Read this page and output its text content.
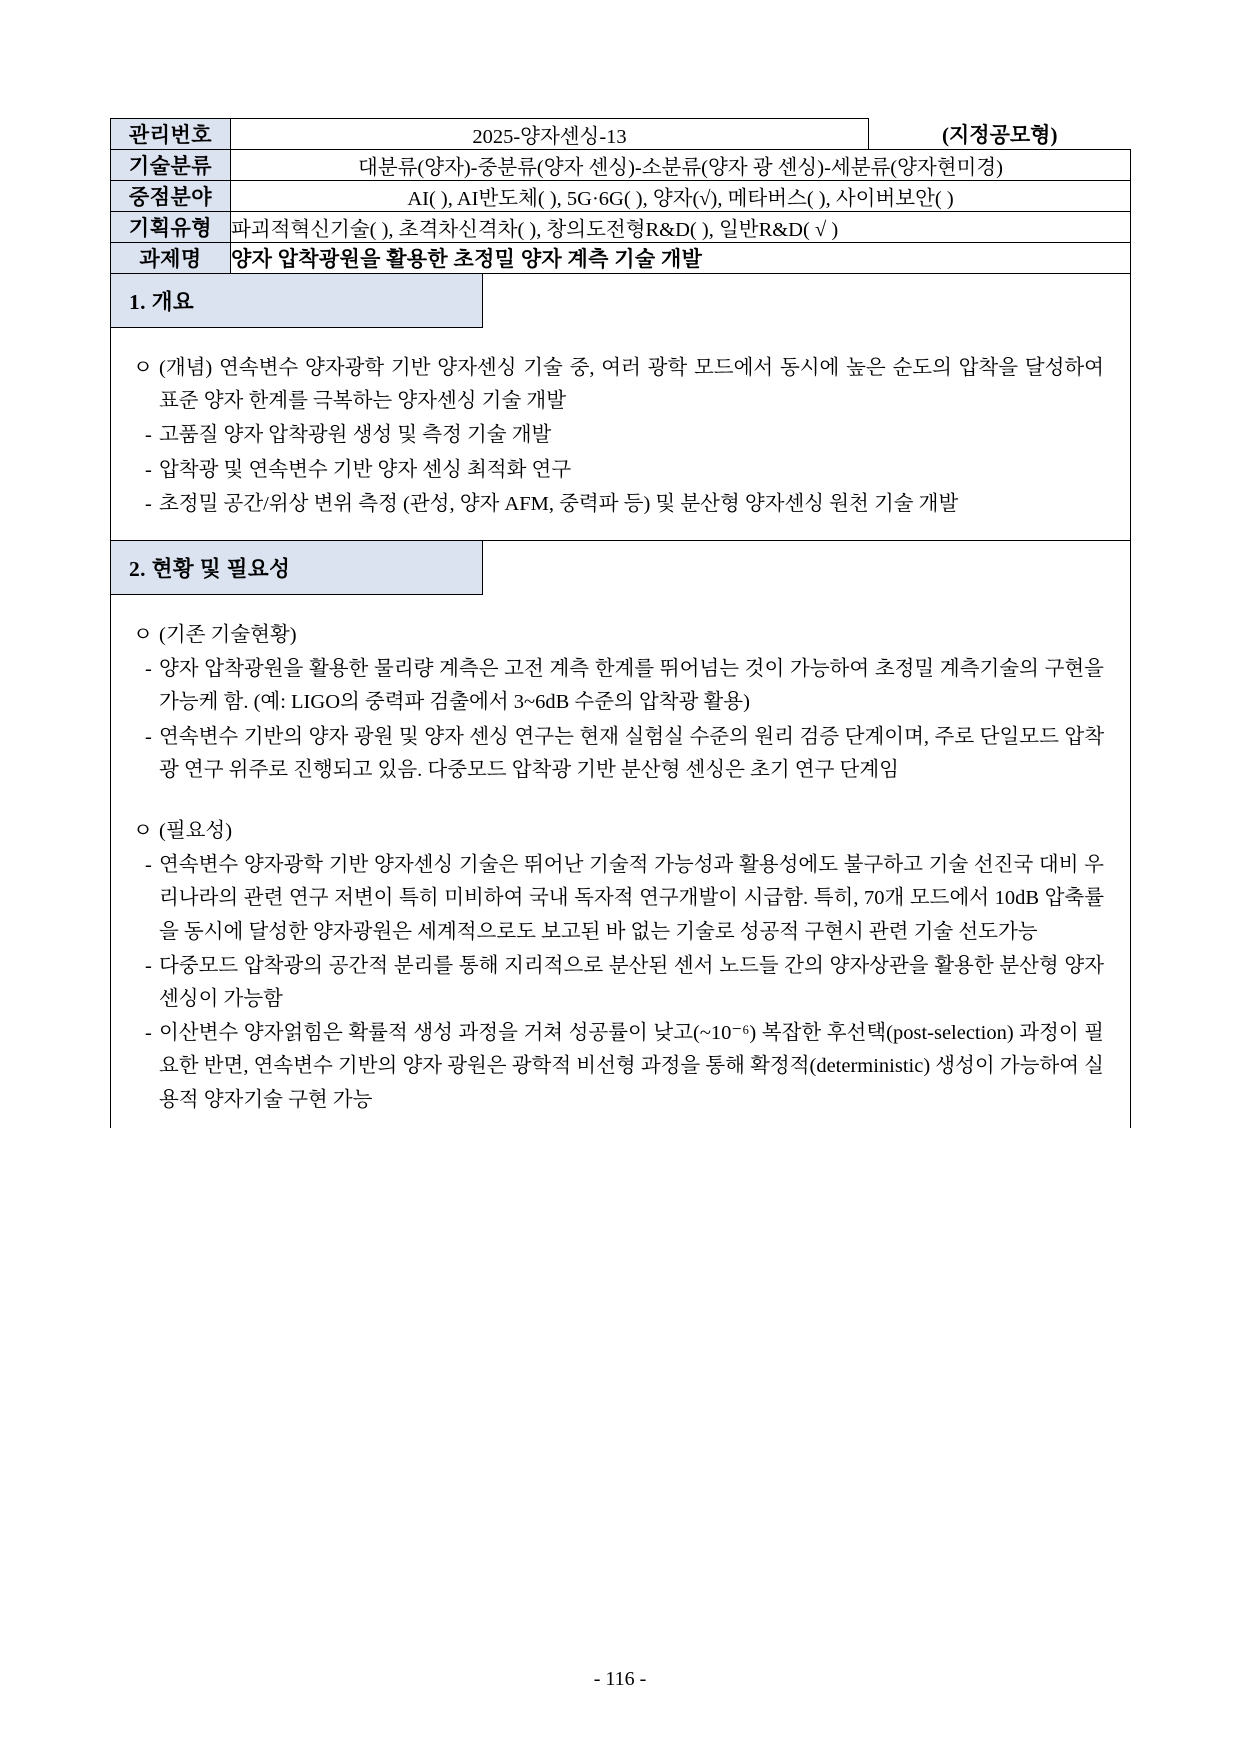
관리번호	2025-양자센싱-13	(지정공모형)

기술분류	대분류(양자)-중분류(양자 센싱)-소분류(양자 광 센싱)-세분류(양자현미경)	
중점분야	AI( ), AI반도체( ), 5G·6G( ), 양자(√), 메타버스( ), 사이버보안( )	
기획유형	파괴적혁신기술( ), 초격차신격차( ), 창의도전형R&D( ), 일반R&D( √ )	
과제명	양자 압착광원을 활용한 초정밀 양자 계측 기술 개발	

1. 개요
ㅇ (개념) 연속변수 양자광학 기반 양자센싱 기술 중, 여러 광학 모드에서 동시에 높은 순도의 압착을 달성하여 표준 양자 한계를 극복하는 양자센싱 기술 개발
- 고품질 양자 압착광원 생성 및 측정 기술 개발
- 압착광 및 연속변수 기반 양자 센싱 최적화 연구
- 초정밀 공간/위상 변위 측정 (관성, 양자 AFM, 중력파 등) 및 분산형 양자센싱 원천 기술 개발

2. 현황 및 필요성
ㅇ (기존 기술현황)
- 양자 압착광원을 활용한 물리량 계측은 고전 계측 한계를 뛰어넘는 것이 가능하여 초정밀 계측기술의 구현을 가능케 함. (예: LIGO의 중력파 검출에서 3~6dB 수준의 압착광 활용)
- 연속변수 기반의 양자 광원 및 양자 센싱 연구는 현재 실험실 수준의 원리 검증 단계이며, 주로 단일모드 압착광 연구 위주로 진행되고 있음. 다중모드 압착광 기반 분산형 센싱은 초기 연구 단계임
ㅇ (필요성)
- 연속변수 양자광학 기반 양자센싱 기술은 뛰어난 기술적 가능성과 활용성에도 불구하고 기술 선진국 대비 우리나라의 관련 연구 저변이 특히 미비하여 국내 독자적 연구개발이 시급함. 특히, 70개 모드에서 10dB 압축률을 동시에 달성한 양자광원은 세계적으로도 보고된 바 없는 기술로 성공적 구현시 관련 기술 선도가능
- 다중모드 압착광의 공간적 분리를 통해 지리적으로 분산된 센서 노드들 간의 양자상관을 활용한 분산형 양자 센싱이 가능함
- 이산변수 양자얽힘은 확률적 생성 과정을 거쳐 성공률이 낮고(~10⁻⁶) 복잡한 후선택(post-selection) 과정이 필요한 반면, 연속변수 기반의 양자 광원은 광학적 비선형 과정을 통해 확정적(deterministic) 생성이 가능하여 실용적 양자기술 구현 가능
- 116 -
